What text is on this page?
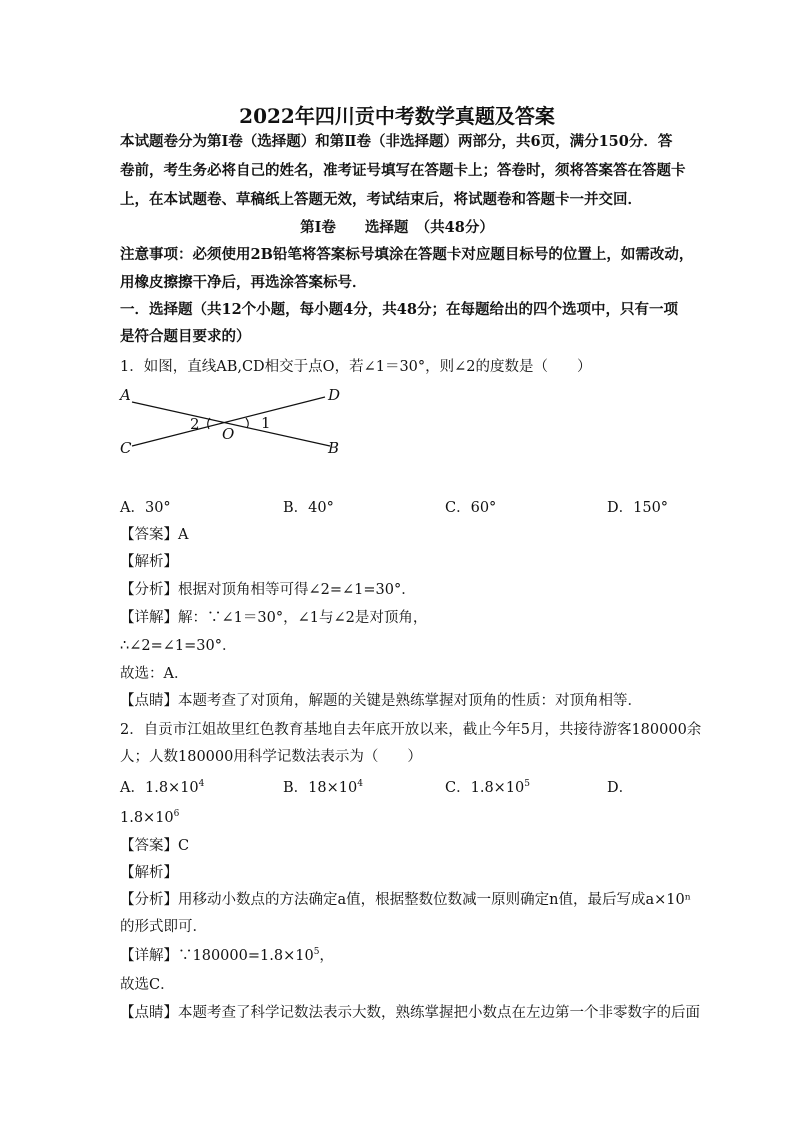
2022年四川贡中考数学真题及答案
本试题卷分为第Ⅰ卷（选择题）和第Ⅱ卷（非选择题）两部分，共6页，满分150分．答
卷前，考生务必将自己的姓名，准考证号填写在答题卡上；答卷时，须将答案答在答题卡
上，在本试题卷、草稿纸上答题无效，考试结束后，将试题卷和答题卡一并交回．
第Ⅰ卷　　选择题　（共48分）
注意事项：必须使用2B铅笔将答案标号填涂在答题卡对应题目标号的位置上，如需改动，
用橡皮擦擦干净后，再选涂答案标号．
一．选择题（共12个小题，每小题4分，共48分；在每题给出的四个选项中，只有一项
是符合题目要求的）
1．如图，直线AB,CD相交于点O，若∠1＝30°，则∠2的度数是（　　）
A	D
C	B
O
2	1
A．30°	B．40°	C．60°	D．150°
【答案】A
【解析】
【分析】根据对顶角相等可得∠2=∠1=30°．
【详解】解：∵∠1＝30°，∠1与∠2是对顶角，
∴∠2=∠1=30°．
故选：A．
【点睛】本题考查了对顶角，解题的关键是熟练掌握对顶角的性质：对顶角相等．
2．自贡市江姐故里红色教育基地自去年底开放以来，截止今年5月，共接待游客180000余
人；人数180000用科学记数法表示为（　　）
A．$1.8\times 10^4$	B．$18\times 10^4$	C．$1.8\times 10^5$	D．
$1.8\times 10^6$
【答案】C
【解析】
【分析】用移动小数点的方法确定a值，根据整数位数减一原则确定n值，最后写成a×10ⁿ
的形式即可．
【详解】$\because 180000=1.8\times 10^5$，
故选C．
【点睛】本题考查了科学记数法表示大数，熟练掌握把小数点在左边第一个非零数字的后面
